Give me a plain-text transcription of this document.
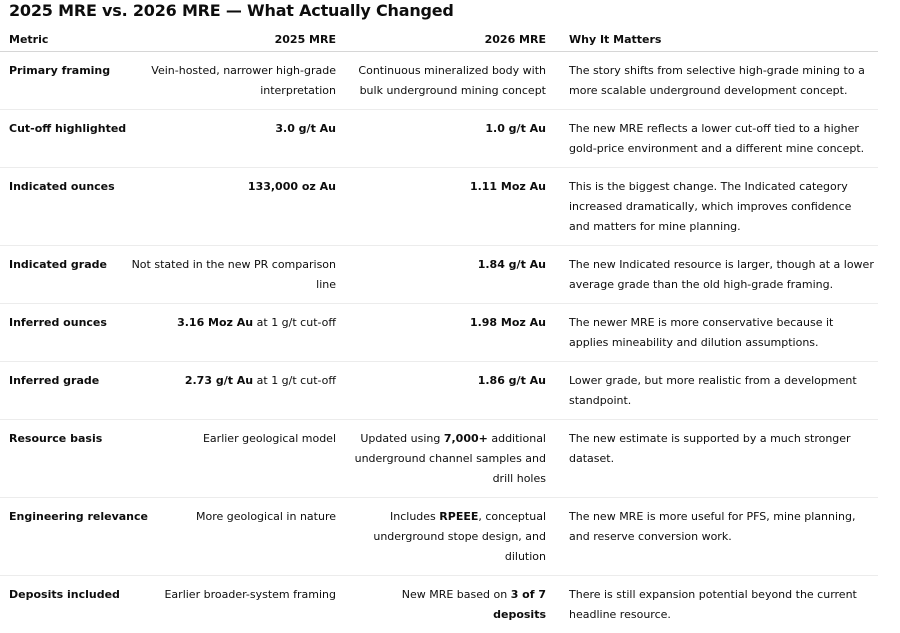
2025 MRE vs. 2026 MRE — What Actually Changed
Metric	2025 MRE	2026 MRE	Why It Matters
Primary framing	Vein-hosted, narrower high-grade interpretation	Continuous mineralized body with bulk underground mining concept	The story shifts from selective high-grade mining to a more scalable underground development concept.
Cut-off highlighted	3.0 g/t Au	1.0 g/t Au	The new MRE reflects a lower cut-off tied to a higher gold-price environment and a different mine concept.
Indicated ounces	133,000 oz Au	1.11 Moz Au	This is the biggest change. The Indicated category increased dramatically, which improves confidence and matters for mine planning.
Indicated grade	Not stated in the new PR comparison line	1.84 g/t Au	The new Indicated resource is larger, though at a lower average grade than the old high-grade framing.
Inferred ounces	3.16 Moz Au at 1 g/t cut-off	1.98 Moz Au	The newer MRE is more conservative because it applies mineability and dilution assumptions.
Inferred grade	2.73 g/t Au at 1 g/t cut-off	1.86 g/t Au	Lower grade, but more realistic from a development standpoint.
Resource basis	Earlier geological model	Updated using 7,000+ additional underground channel samples and drill holes	The new estimate is supported by a much stronger dataset.
Engineering relevance	More geological in nature	Includes RPEEE, conceptual underground stope design, and dilution	The new MRE is more useful for PFS, mine planning, and reserve conversion work.
Deposits included	Earlier broader-system framing	New MRE based on 3 of 7 deposits	There is still expansion potential beyond the current headline resource.
